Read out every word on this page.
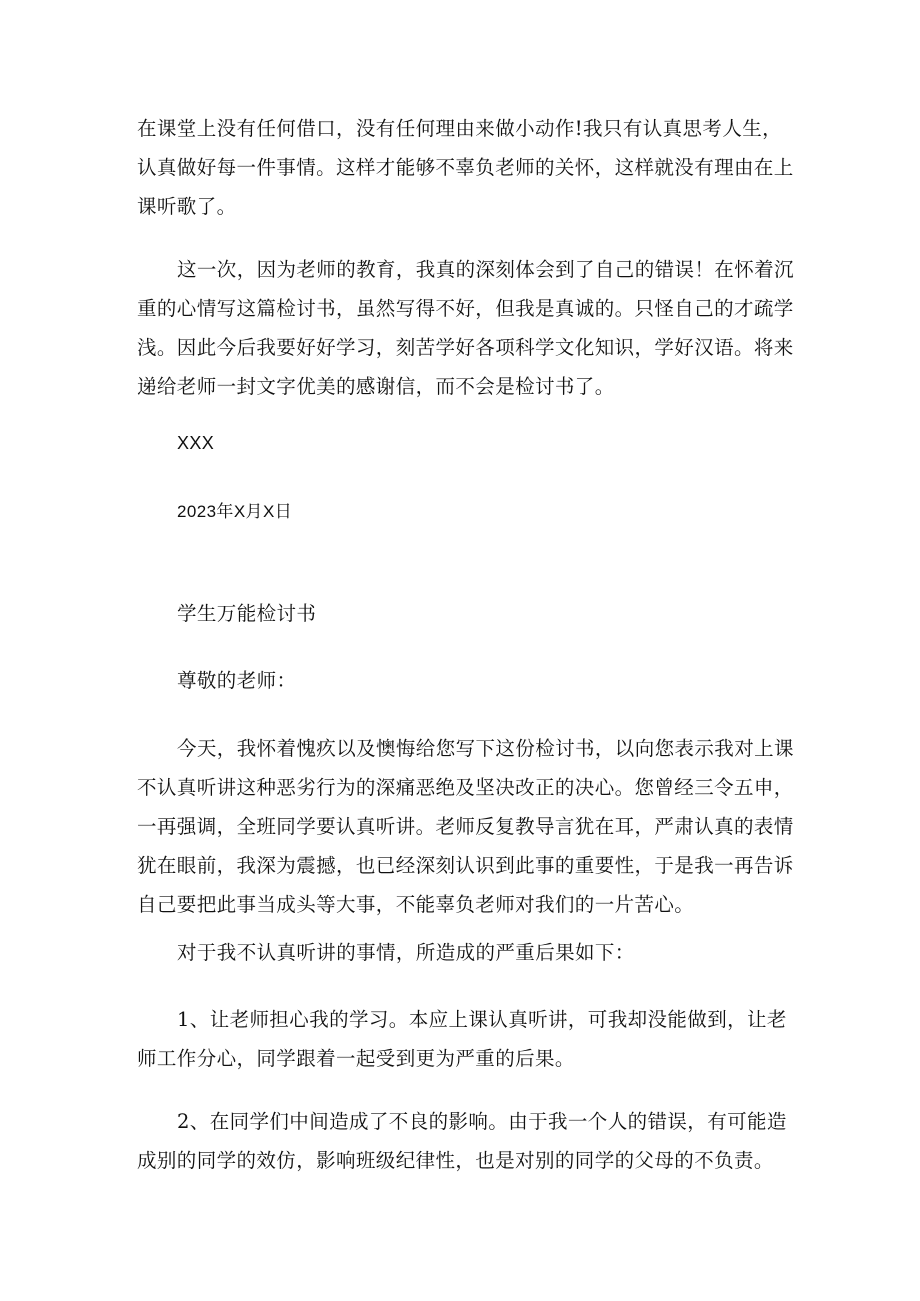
在课堂上没有任何借口，没有任何理由来做小动作!我只有认真思考人生，认真做好每一件事情。这样才能够不辜负老师的关怀，这样就没有理由在上课听歌了。

这一次，因为老师的教育，我真的深刻体会到了自己的错误！在怀着沉重的心情写这篇检讨书，虽然写得不好，但我是真诚的。只怪自己的才疏学浅。因此今后我要好好学习，刻苦学好各项科学文化知识，学好汉语。将来递给老师一封文字优美的感谢信，而不会是检讨书了。

XXX

2023年X月X日

学生万能检讨书

尊敬的老师：

今天，我怀着愧疚以及懊悔给您写下这份检讨书，以向您表示我对上课不认真听讲这种恶劣行为的深痛恶绝及坚决改正的决心。您曾经三令五申，一再强调，全班同学要认真听讲。老师反复教导言犹在耳，严肃认真的表情犹在眼前，我深为震撼，也已经深刻认识到此事的重要性，于是我一再告诉自己要把此事当成头等大事，不能辜负老师对我们的一片苦心。

对于我不认真听讲的事情，所造成的严重后果如下：

1、让老师担心我的学习。本应上课认真听讲，可我却没能做到，让老师工作分心，同学跟着一起受到更为严重的后果。

2、在同学们中间造成了不良的影响。由于我一个人的错误，有可能造成别的同学的效仿，影响班级纪律性，也是对别的同学的父母的不负责。
